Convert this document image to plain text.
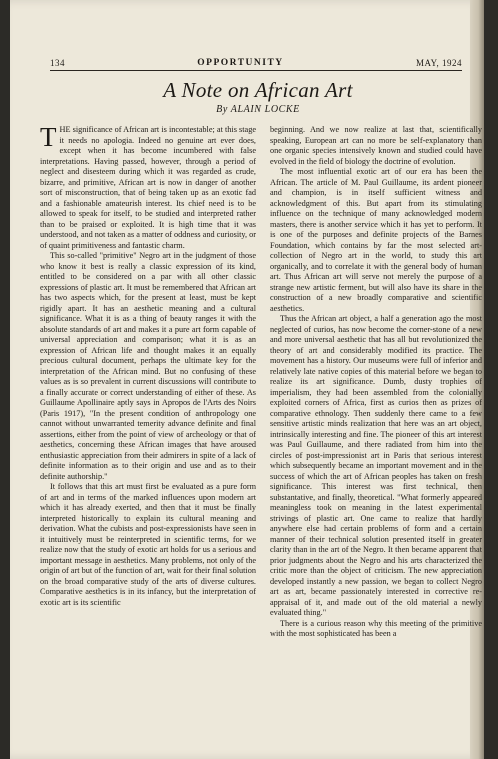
134	OPPORTUNITY	MAY, 1924
A Note on African Art
By ALAIN LOCKE

THE significance of African art is incontestable; at this stage it needs no apologia. Indeed no genuine art ever does, except when it has become incumbered with false interpretations. Having passed, however, through a period of neglect and disesteem during which it was regarded as crude, bizarre, and primitive, African art is now in danger of another sort of misconstruction, that of being taken up as an exotic fad and a fashionable amateurish interest. Its chief need is to be allowed to speak for itself, to be studied and interpreted rather than to be praised or exploited. It is high time that it was understood, and not taken as a matter of oddness and curiosity, or of quaint primitiveness and fantastic charm.

This so-called "primitive" Negro art in the judgment of those who know it best is really a classic expression of its kind, entitled to be considered on a par with all other classic expressions of plastic art. It must be remembered that African art has two aspects which, for the present at least, must be kept rigidly apart. It has an aesthetic meaning and a cultural significance. What it is as a thing of beauty ranges it with the absolute standards of art and makes it a pure art form capable of universal appreciation and comparison; what it is as an expression of African life and thought makes it an equally precious cultural document, perhaps the ultimate key for the interpretation of the African mind. But no confusing of these values as is so prevalent in current discussions will contribute to a finally accurate or correct understanding of either of these. As Guillaume Apollinaire aptly says in Apropos de l'Arts des Noirs (Paris 1917), "In the present condition of anthropology one cannot without unwarranted temerity advance definite and final assertions, either from the point of view of archeology or that of aesthetics, concerning these African images that have aroused enthusiastic appreciation from their admirers in spite of a lack of definite information as to their origin and use and as to their definite authorship."

It follows that this art must first be evaluated as a pure form of art and in terms of the marked influences upon modern art which it has already exerted, and then that it must be finally interpreted historically to explain its cultural meaning and derivation. What the cubists and post-expressionists have seen in it intuitively must be reinterpreted in scientific terms, for we realize now that the study of exotic art holds for us a serious and important message in aesthetics. Many problems, not only of the origin of art but of the function of art, wait for their final solution on the broad comparative study of the arts of diverse cultures. Comparative aesthetics is in its infancy, but the interpretation of exotic art is its scientific

beginning. And we now realize at last that, scientifically speaking, European art can no more be self-explanatory than one organic species intensively known and studied could have evolved in the field of biology the doctrine of evolution.

The most influential exotic art of our era has been the African. The article of M. Paul Guillaume, its ardent pioneer and champion, is in itself sufficient witness and acknowledgment of this. But apart from its stimulating influence on the technique of many acknowledged modern masters, there is another service which it has yet to perform. It is one of the purposes and definite projects of the Barnes Foundation, which contains by far the most selected art-collection of Negro art in the world, to study this art organically, and to correlate it with the general body of human art. Thus African art will serve not merely the purpose of a strange new artistic ferment, but will also have its share in the construction of a new broadly comparative and scientific aesthetics.

Thus the African art object, a half a generation ago the most neglected of curios, has now become the corner-stone of a new and more universal aesthetic that has all but revolutionized the theory of art and considerably modified its practice. The movement has a history. Our museums were full of inferior and relatively late native copies of this material before we began to realize its art significance. Dumb, dusty trophies of imperialism, they had been assembled from the colonially exploited corners of Africa, first as curios then as prizes of comparative ethnology. Then suddenly there came to a few sensitive artistic minds realization that here was an art object, intrinsically interesting and fine. The pioneer of this art interest was Paul Guillaume, and there radiated from him into the circles of post-impressionist art in Paris that serious interest which subsequently became an important movement and in the success of which the art of African peoples has taken on fresh significance. This interest was first technical, then substantative, and finally, theoretical. "What formerly appeared meaningless took on meaning in the latest experimental strivings of plastic art. One came to realize that hardly anywhere else had certain problems of form and a certain manner of their technical solution presented itself in greater clarity than in the art of the Negro. It then became apparent that prior judgments about the Negro and his arts characterized the critic more than the object of criticism. The new appreciation developed instantly a new passion, we began to collect Negro art as art, became passionately interested in corrective re-appraisal of it, and made out of the old material a newly evaluated thing."

There is a curious reason why this meeting of the primitive with the most sophisticated has been a
